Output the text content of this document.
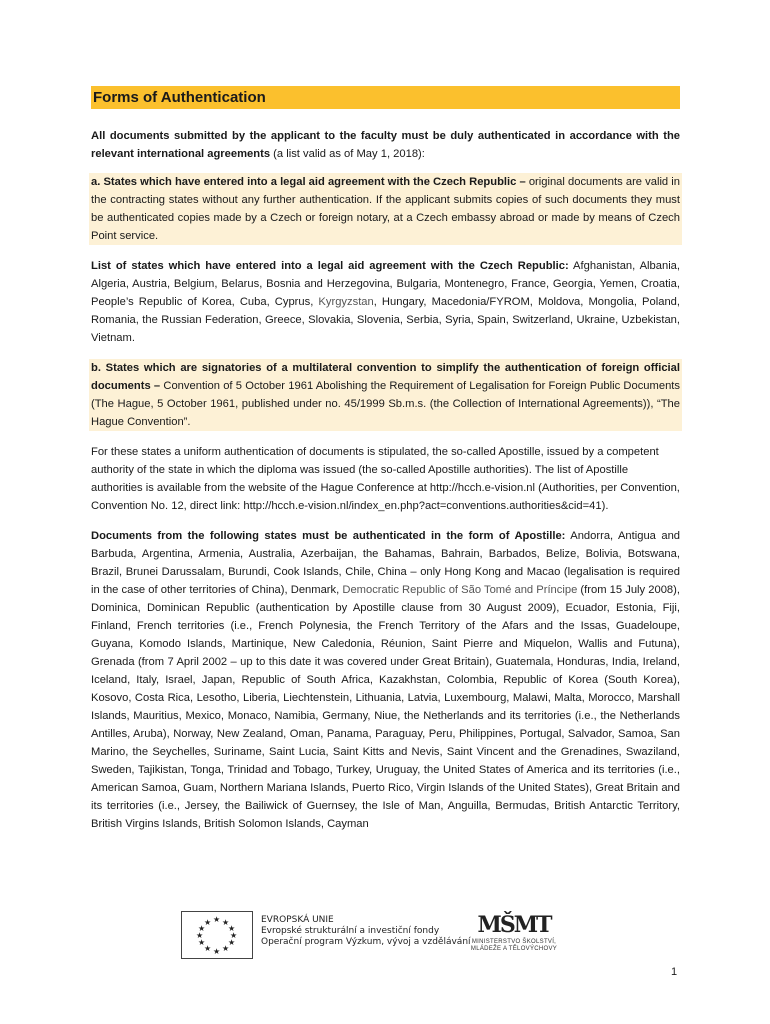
Forms of Authentication

All documents submitted by the applicant to the faculty must be duly authenticated in accordance with the relevant international agreements (a list valid as of May 1, 2018):

a. States which have entered into a legal aid agreement with the Czech Republic – original documents are valid in the contracting states without any further authentication. If the applicant submits copies of such documents they must be authenticated copies made by a Czech or foreign notary, at a Czech embassy abroad or made by means of Czech Point service.

List of states which have entered into a legal aid agreement with the Czech Republic: Afghanistan, Albania, Algeria, Austria, Belgium, Belarus, Bosnia and Herzegovina, Bulgaria, Montenegro, France, Georgia, Yemen, Croatia, People’s Republic of Korea, Cuba, Cyprus, Kyrgyzstan, Hungary, Macedonia/FYROM, Moldova, Mongolia, Poland, Romania, the Russian Federation, Greece, Slovakia, Slovenia, Serbia, Syria, Spain, Switzerland, Ukraine, Uzbekistan, Vietnam.

b. States which are signatories of a multilateral convention to simplify the authentication of foreign official documents – Convention of 5 October 1961 Abolishing the Requirement of Legalisation for Foreign Public Documents (The Hague, 5 October 1961, published under no. 45/1999 Sb.m.s. (the Collection of International Agreements)), “The Hague Convention”.

For these states a uniform authentication of documents is stipulated, the so-called Apostille, issued by a competent authority of the state in which the diploma was issued (the so-called Apostille authorities). The list of Apostille authorities is available from the website of the Hague Conference at http://hcch.e-vision.nl (Authorities, per Convention, Convention No. 12, direct link: http://hcch.e-vision.nl/index_en.php?act=conventions.authorities&cid=41).

Documents from the following states must be authenticated in the form of Apostille: Andorra, Antigua and Barbuda, Argentina, Armenia, Australia, Azerbaijan, the Bahamas, Bahrain, Barbados, Belize, Bolivia, Botswana, Brazil, Brunei Darussalam, Burundi, Cook Islands, Chile, China – only Hong Kong and Macao (legalisation is required in the case of other territories of China), Denmark, Democratic Republic of São Tomé and Príncipe (from 15 July 2008), Dominica, Dominican Republic (authentication by Apostille clause from 30 August 2009), Ecuador, Estonia, Fiji, Finland, French territories (i.e., French Polynesia, the French Territory of the Afars and the Issas, Guadeloupe, Guyana, Komodo Islands, Martinique, New Caledonia, Réunion, Saint Pierre and Miquelon, Wallis and Futuna), Grenada (from 7 April 2002 – up to this date it was covered under Great Britain), Guatemala, Honduras, India, Ireland, Iceland, Italy, Israel, Japan, Republic of South Africa, Kazakhstan, Colombia, Republic of Korea (South Korea), Kosovo, Costa Rica, Lesotho, Liberia, Liechtenstein, Lithuania, Latvia, Luxembourg, Malawi, Malta, Morocco, Marshall Islands, Mauritius, Mexico, Monaco, Namibia, Germany, Niue, the Netherlands and its territories (i.e., the Netherlands Antilles, Aruba), Norway, New Zealand, Oman, Panama, Paraguay, Peru, Philippines, Portugal, Salvador, Samoa, San Marino, the Seychelles, Suriname, Saint Lucia, Saint Kitts and Nevis, Saint Vincent and the Grenadines, Swaziland, Sweden, Tajikistan, Tonga, Trinidad and Tobago, Turkey, Uruguay, the United States of America and its territories (i.e., American Samoa, Guam, Northern Mariana Islands, Puerto Rico, Virgin Islands of the United States), Great Britain and its territories (i.e., Jersey, the Bailiwick of Guernsey, the Isle of Man, Anguilla, Bermudas, British Antarctic Territory, British Virgins Islands, British Solomon Islands, Cayman

★ ★
★
★
★
★
★
★
★
★
★
★	EVROPSKÁ UNIE
Evropské strukturální a investiční fondy
Operační program Výzkum, vývoj a vzdělávání
MŠMT
MINISTERSTVO ŠKOLSTVÍ, MLÁDEŽE A TĚLOVÝCHOVY
1
